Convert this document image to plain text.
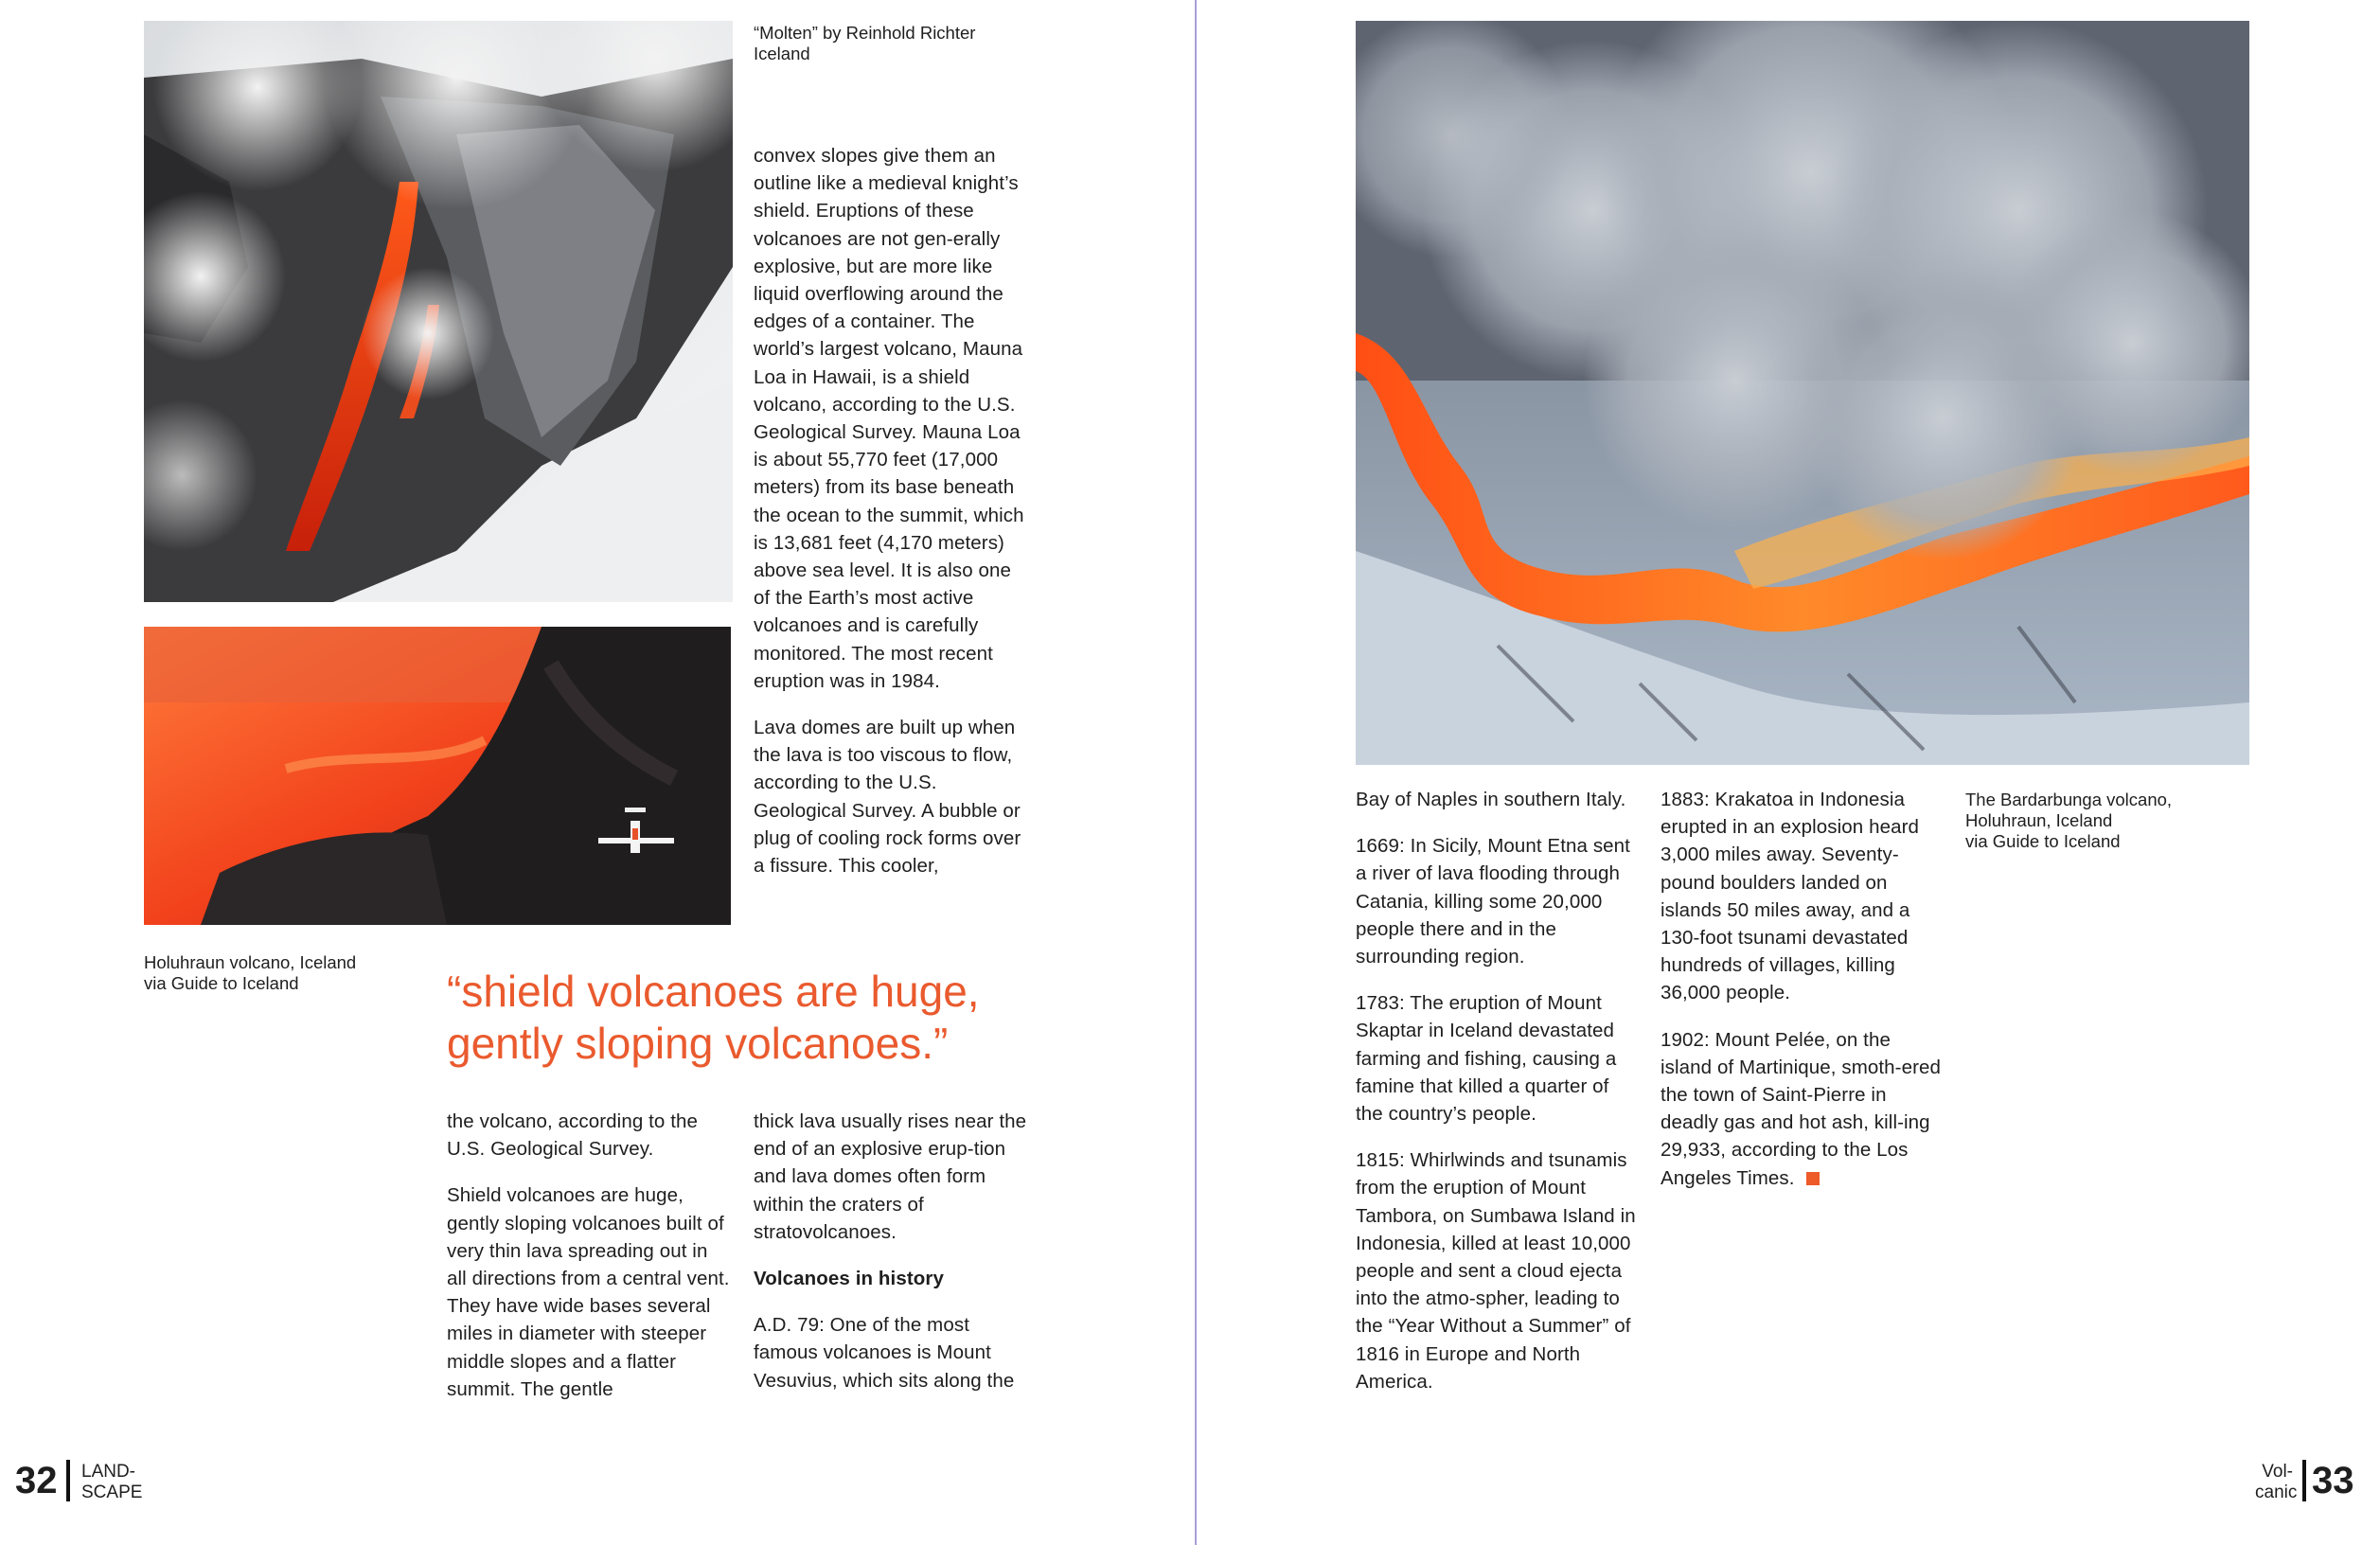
“Molten” by Reinhold Richter
Iceland

convex slopes give them an outline like a medieval knight’s shield. Eruptions of these volcanoes are not gen-erally explosive, but are more like liquid overflowing around the edges of a container. The world’s largest volcano, Mauna Loa in Hawaii, is a shield volcano, according to the U.S. Geological Survey. Mauna Loa is about 55,770 feet (17,000 meters) from its base beneath the ocean to the summit, which is 13,681 feet (4,170 meters) above sea level. It is also one of the Earth’s most active volcanoes and is carefully monitored. The most recent eruption was in 1984.

Lava domes are built up when the lava is too viscous to flow, according to the U.S. Geological Survey. A bubble or plug of cooling rock forms over a fissure. This cooler,

Holuhraun volcano, Iceland
via Guide to Iceland	“shield volcanoes are huge,
gently sloping volcanoes.”

the volcano, according to the U.S. Geological Survey.

Shield volcanoes are huge, gently sloping volcanoes built of very thin lava spreading out in all directions from a central vent. They have wide bases several miles in diameter with steeper middle slopes and a flatter summit. The gentle

thick lava usually rises near the end of an explosive erup-tion and lava domes often form within the craters of stratovolcanoes.

Volcanoes in history

A.D. 79: One of the most famous volcanoes is Mount Vesuvius, which sits along the

32 LAND-
SCAPE

Bay of Naples in southern Italy.

1669: In Sicily, Mount Etna sent a river of lava flooding through Catania, killing some 20,000 people there and in the surrounding region.

1783: The eruption of Mount Skaptar in Iceland devastated farming and fishing, causing a famine that killed a quarter of the country’s people.

1815: Whirlwinds and tsunamis from the eruption of Mount Tambora, on Sumbawa Island in Indonesia, killed at least 10,000 people and sent a cloud ejecta into the atmo-spher, leading to the “Year Without a Summer” of 1816 in Europe and North America.

1883: Krakatoa in Indonesia erupted in an explosion heard 3,000 miles away. Seventy-pound boulders landed on islands 50 miles away, and a 130-foot tsunami devastated hundreds of villages, killing 36,000 people.

1902: Mount Pelée, on the island of Martinique, smoth-ered the town of Saint-Pierre in deadly gas and hot ash, kill-ing 29,933, according to the Los Angeles Times.

The Bardarbunga volcano,
Holuhraun, Iceland
via Guide to Iceland
Vol-
canic 33
